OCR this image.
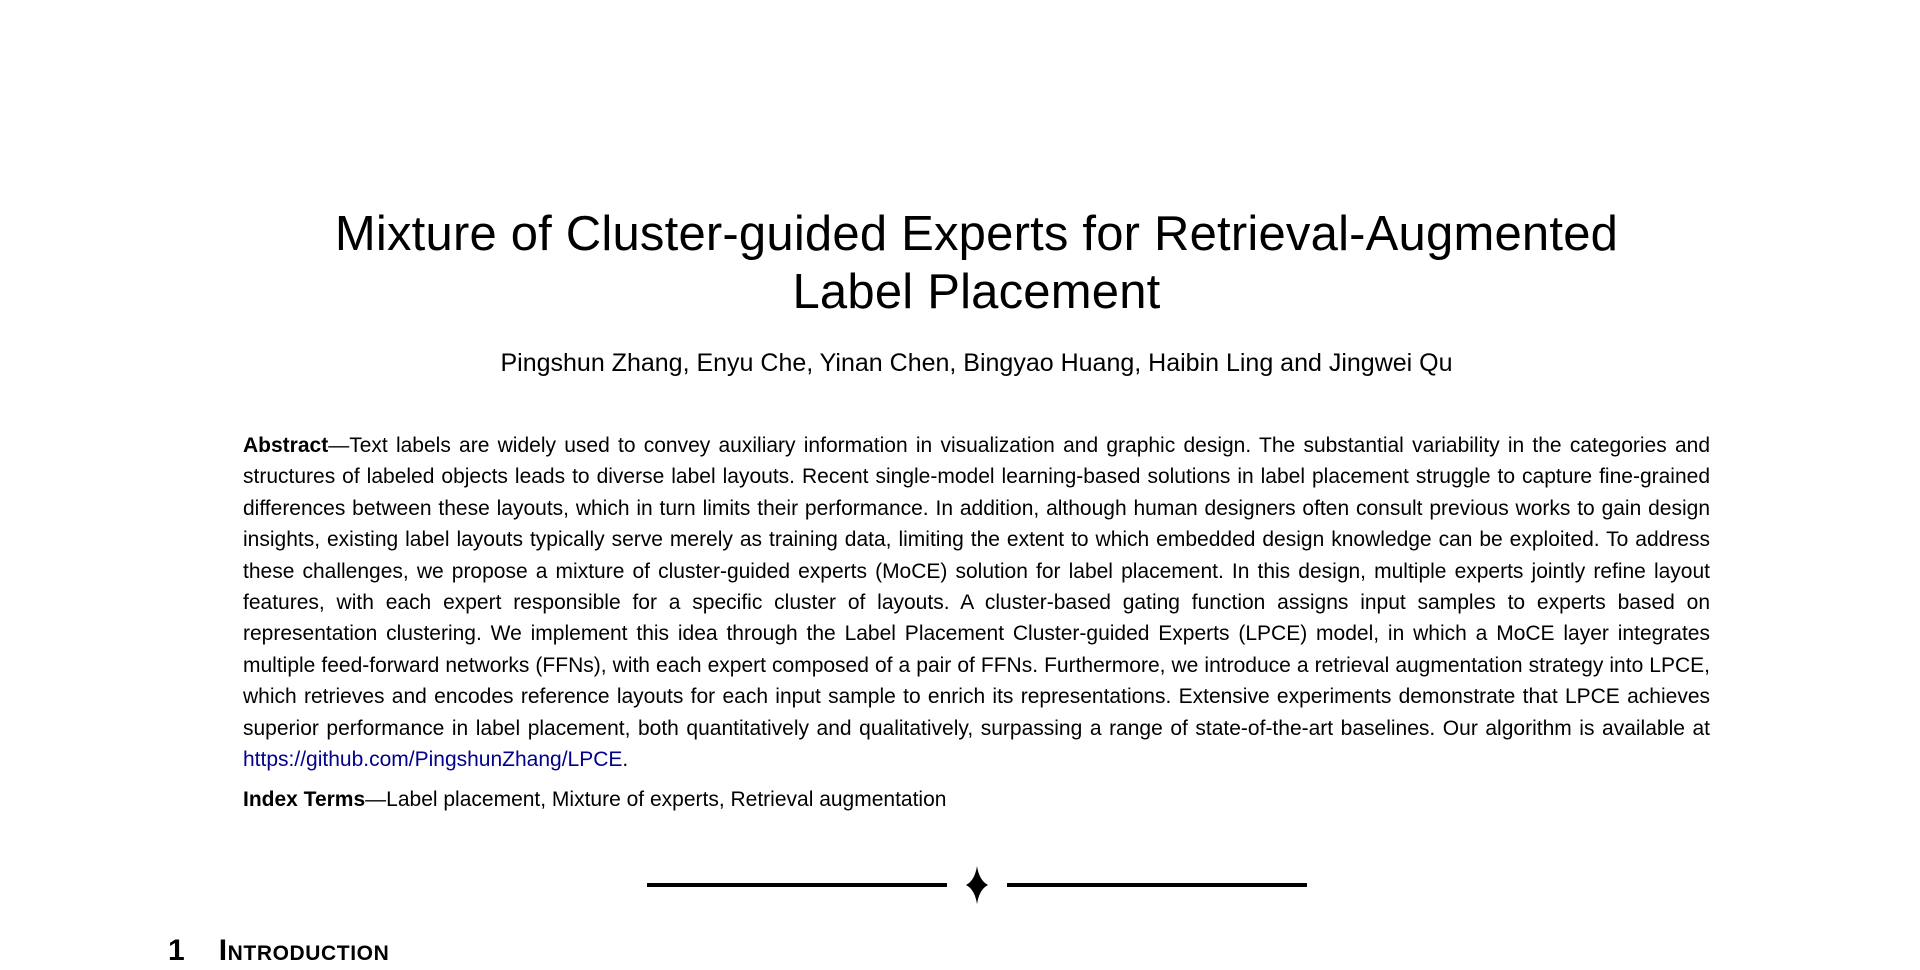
Mixture of Cluster-guided Experts for Retrieval-Augmented
Label Placement
Pingshun Zhang, Enyu Che, Yinan Chen, Bingyao Huang, Haibin Ling and Jingwei Qu

Abstract—Text labels are widely used to convey auxiliary information in visualization and graphic design. The substantial variability in the categories and structures of labeled objects leads to diverse label layouts. Recent single-model learning-based solutions in label placement struggle to capture fine-grained differences between these layouts, which in turn limits their performance. In addition, although human designers often consult previous works to gain design insights, existing label layouts typically serve merely as training data, limiting the extent to which embedded design knowledge can be exploited. To address these challenges, we propose a mixture of cluster-guided experts (MoCE) solution for label placement. In this design, multiple experts jointly refine layout features, with each expert responsible for a specific cluster of layouts. A cluster-based gating function assigns input samples to experts based on representation clustering. We implement this idea through the Label Placement Cluster-guided Experts (LPCE) model, in which a MoCE layer integrates multiple feed-forward networks (FFNs), with each expert composed of a pair of FFNs. Furthermore, we introduce a retrieval augmentation strategy into LPCE, which retrieves and encodes reference layouts for each input sample to enrich its representations. Extensive experiments demonstrate that LPCE achieves superior performance in label placement, both quantitatively and qualitatively, surpassing a range of state-of-the-art baselines. Our algorithm is available at https://github.com/PingshunZhang/LPCE.

Index Terms—Label placement, Mixture of experts, Retrieval augmentation

1 Introduction
